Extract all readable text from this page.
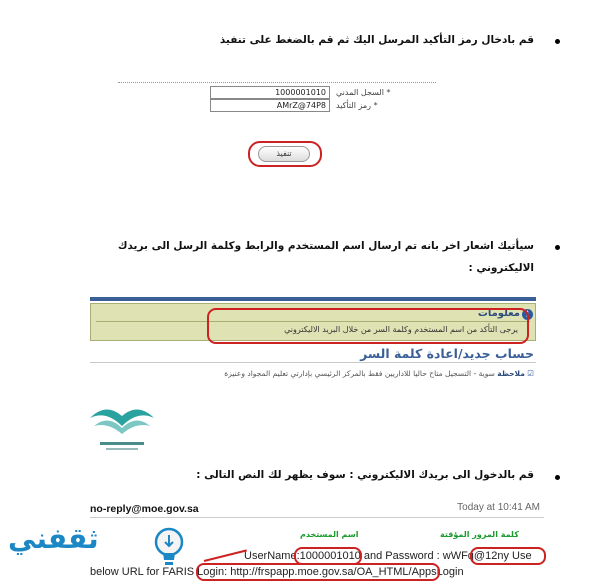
قم بادخال رمز التأكيد المرسل اليك ثم قم بالضغط على تنفيذ
* السجل المدني
1000001010
* رمز التأكيد
AMrZ@74P8
تنفيذ
سيأتيك اشعار اخر بانه تم ارسال اسم المستخدم والرابط وكلمة الرسل الى بريدك
الاليكتروني :
i
معلومات
يرجى التأكد من اسم المستخدم وكلمة السر من خلال البريد الاليكتروني
حساب جديد/اعادة كلمة السر
☑ ملاحظة سوية - التسجيل متاح حاليا للاداريين فقط بالمركز الرئيسي بإدارتي تعليم المجواد وعنيزة
قم بالدخول الى بريدك الاليكتروني : سوف يظهر لك النص التالى :
no-reply@moe.gov.sa	Today at 10:41 AM
اسم المستخدم	كلمة المرور المؤقتة
UserName:1000001010 and Password : wWFq@12ny Use
below URL for FARIS Login: http://frspapp.moe.gov.sa/OA_HTML/AppsLogin
ثقفني
